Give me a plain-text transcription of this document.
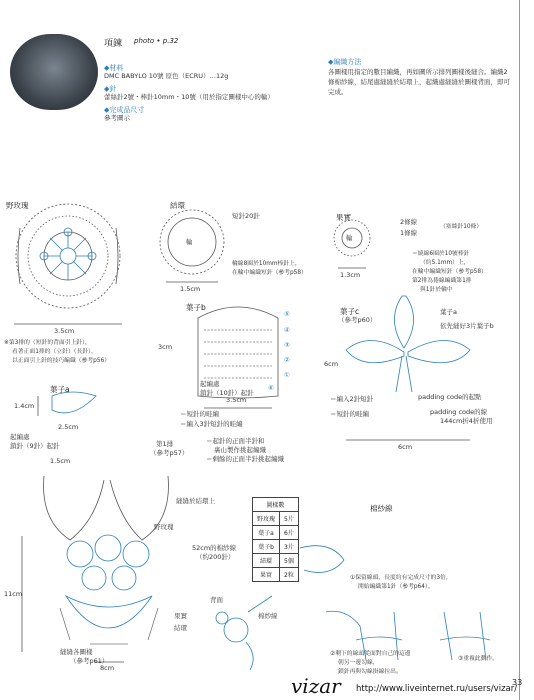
項鍊 photo • p.32
◆材料
DMC BABYLO 10號 原色（ECRU）…12g
◆針
蕾絲針2號・棒針10mm・10號（用於指定圖樣中心的輪）
◆完成品尺寸
參考圖示
◆編織方法
各圖樣用指定的數目編織，再如圖所示排列圖樣後縫合。編織2
條棉紗線，結尾處縫縫於結環上，起織處縫縫於圖樣背面，即可
完成。
野玫瑰
3.5cm
※第3排的（短針的背面引上針），
看著正面1排的（立針）（長針），
以正面引上針的技巧編織（參考p56）
結環
短針20針
輪
輪線8圈於10mm棒針上，
在輪中編織短針（參考p58）
1.5cm
果實	2條線
1條線
（塞絲針10條）
輪
＝繞線6圈於10號棒針
（約5.1mm）上，
在輪中編織短針（參考p58）
第2排為捲線編織第1排
與1針於輪中
1.3cm
葉子b
3cm
3.5cm
起編處
鎖針（10針）起針
⑤
④
③
②
①
⑥
＝短針的畦編
＝編入3針短針的畦編
葉子c
（參考p60）
葉子a
依先縫好3片葉子b
6cm
6cm
padding code的起點
padding code的線
144cm折4折使用
＝編入2針短針
＝短針的畦編
葉子a
1.4cm
2.5cm
起編處
鎖針（9針）起針	第1排
（參考p57）
＝起針的正面半針和
裏山製作挑起編織
＝剩餘的正面半針挑起編織
1.5cm
11cm
8cm
縫縫於結環上
野玫瑰
52cm的棉紗線
（約200針）
果實
結環
縫縫各圖樣
（參考p61）
背面
棉紗線
圖樣數	
野玫瑰	5片
葉子a	6片
葉子b	3片
結環	5個
果實	2粒
棉紗線
①保留線頭，長度約有完成尺寸的3倍，
開始編織第1針（參考p64）。
②剩下的線頭從面對自己的這邊
朝另一邊勾線，
鎖針再與勾線掛線拉出。
③重複此動作。
vizar http://www.liveinternet.ru/users/vizar/
33
